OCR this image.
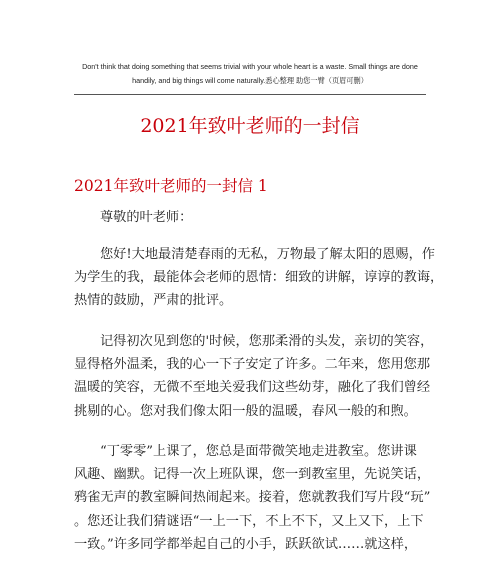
Don't think that doing something that seems trivial with your whole heart is a waste. Small things are done
handily, and big things will come naturally.悉心整理 助您一臂（页眉可删）
2021年致叶老师的一封信
2021年致叶老师的一封信 1

尊敬的叶老师：

您好!大地最清楚春雨的无私，万物最了解太阳的恩赐，作
为学生的我，最能体会老师的恩情：细致的讲解，谆谆的教诲，
热情的鼓励，严肃的批评。

记得初次见到您的'时候，您那柔滑的头发，亲切的笑容，
显得格外温柔，我的心一下子安定了许多。二年来，您用您那
温暖的笑容，无微不至地关爱我们这些幼芽，融化了我们曾经
挑剔的心。您对我们像太阳一般的温暖，春风一般的和煦。

“丁零零”上课了，您总是面带微笑地走进教室。您讲课
风趣、幽默。记得一次上班队课，您一到教室里，先说笑话，
鸦雀无声的教室瞬间热闹起来。接着，您就教我们写片段“玩”
。您还让我们猜谜语“一上一下，不上不下，又上又下，上下
一致。”许多同学都举起自己的小手，跃跃欲试……就这样，
